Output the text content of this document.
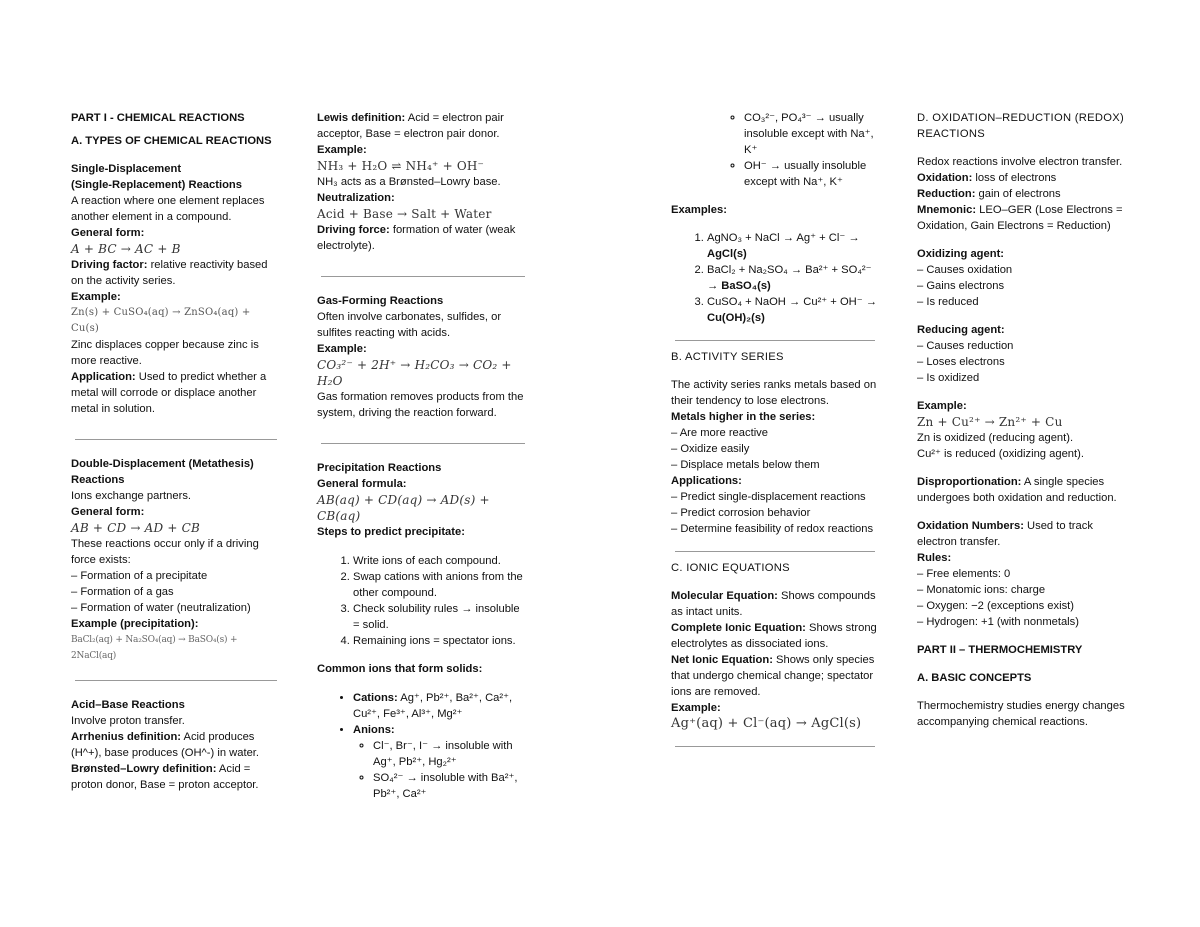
PART I - CHEMICAL REACTIONS

A. TYPES OF CHEMICAL REACTIONS

Single-Displacement

(Single-Replacement) Reactions

A reaction where one element replaces another element in a compound.

General form:

A + BC → AC + B

Driving factor: relative reactivity based on the activity series.

Example:

Zn(s) + CuSO₄(aq) → ZnSO₄(aq) + Cu(s)

Zinc displaces copper because zinc is more reactive.

Application: Used to predict whether a metal will corrode or displace another metal in solution.

Double-Displacement (Metathesis) Reactions

Ions exchange partners.

General form:

AB + CD → AD + CB

These reactions occur only if a driving force exists:

– Formation of a precipitate

– Formation of a gas

– Formation of water (neutralization)

Example (precipitation):

BaCl₂(aq) + Na₂SO₄(aq) → BaSO₄(s) + 2NaCl(aq)

Acid–Base Reactions

Involve proton transfer.

Arrhenius definition: Acid produces (H^+), base produces (OH^-) in water.

Brønsted–Lowry definition: Acid = proton donor, Base = proton acceptor.

Lewis definition: Acid = electron pair acceptor, Base = electron pair donor.

Example:

NH₃ + H₂O ⇌ NH₄⁺ + OH⁻

NH₃ acts as a Brønsted–Lowry base.

Neutralization:

Acid + Base → Salt + Water

Driving force: formation of water (weak electrolyte).

Gas-Forming Reactions

Often involve carbonates, sulfides, or sulfites reacting with acids.

Example:

CO₃²⁻ + 2H⁺ → H₂CO₃ → CO₂ + H₂O

Gas formation removes products from the system, driving the reaction forward.

Precipitation Reactions

General formula:

AB(aq) + CD(aq) → AD(s) + CB(aq)

Steps to predict precipitate:

1. Write ions of each compound.
2. Swap cations with anions from the other compound.
3. Check solubility rules → insoluble = solid.
4. Remaining ions = spectator ions.

Common ions that form solids:

• Cations: Ag⁺, Pb²⁺, Ba²⁺, Ca²⁺, Cu²⁺, Fe³⁺, Al³⁺, Mg²⁺
• Anions:
◦ Cl⁻, Br⁻, I⁻ → insoluble with Ag⁺, Pb²⁺, Hg₂²⁺
◦ SO₄²⁻ → insoluble with Ba²⁺, Pb²⁺, Ca²⁺
◦ CO₃²⁻, PO₄³⁻ → usually insoluble except with Na⁺, K⁺
◦ OH⁻ → usually insoluble except with Na⁺, K⁺

Examples:

1. AgNO₃ + NaCl → Ag⁺ + Cl⁻ → AgCl(s)
2. BaCl₂ + Na₂SO₄ → Ba²⁺ + SO₄²⁻ → BaSO₄(s)
3. CuSO₄ + NaOH → Cu²⁺ + OH⁻ → Cu(OH)₂(s)

B. ACTIVITY SERIES

The activity series ranks metals based on their tendency to lose electrons.

Metals higher in the series:

– Are more reactive

– Oxidize easily

– Displace metals below them

Applications:

– Predict single-displacement reactions

– Predict corrosion behavior

– Determine feasibility of redox reactions

C. IONIC EQUATIONS

Molecular Equation: Shows compounds as intact units.

Complete Ionic Equation: Shows strong electrolytes as dissociated ions.

Net Ionic Equation: Shows only species that undergo chemical change; spectator ions are removed.

Example:

Ag⁺(aq) + Cl⁻(aq) → AgCl(s)

D. OXIDATION–REDUCTION (REDOX) REACTIONS

Redox reactions involve electron transfer.

Oxidation: loss of electrons

Reduction: gain of electrons

Mnemonic: LEO–GER (Lose Electrons = Oxidation, Gain Electrons = Reduction)

Oxidizing agent:

– Causes oxidation

– Gains electrons

– Is reduced

Reducing agent:

– Causes reduction

– Loses electrons

– Is oxidized

Example:

Zn + Cu²⁺ → Zn²⁺ + Cu

Zn is oxidized (reducing agent).

Cu²⁺ is reduced (oxidizing agent).

Disproportionation: A single species undergoes both oxidation and reduction.

Oxidation Numbers: Used to track electron transfer.

Rules:

– Free elements: 0

– Monatomic ions: charge

– Oxygen: −2 (exceptions exist)

– Hydrogen: +1 (with nonmetals)

PART II – THERMOCHEMISTRY

A. BASIC CONCEPTS

Thermochemistry studies energy changes accompanying chemical reactions.
